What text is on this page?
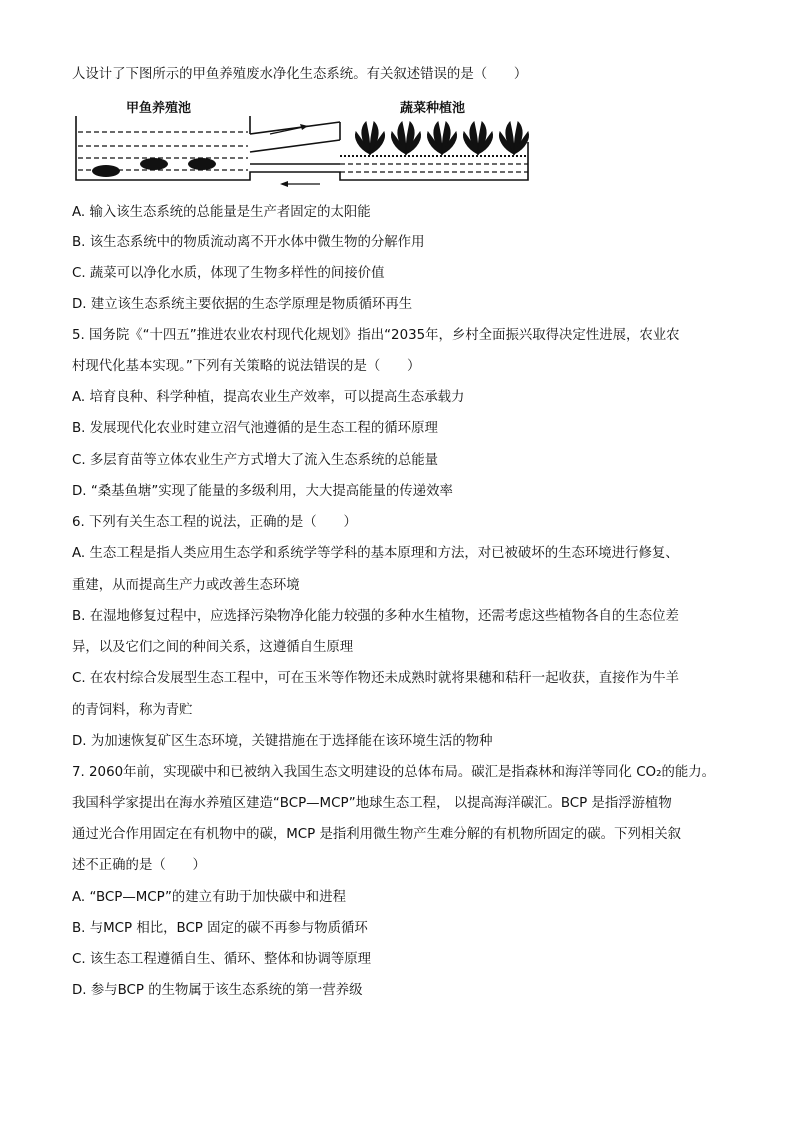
人设计了下图所示的甲鱼养殖废水净化生态系统。有关叙述错误的是（　　）
甲鱼养殖池	蔬菜种植池
A. 输入该生态系统的总能量是生产者固定的太阳能
B. 该生态系统中的物质流动离不开水体中微生物的分解作用
C. 蔬菜可以净化水质，体现了生物多样性的间接价值
D. 建立该生态系统主要依据的生态学原理是物质循环再生
5. 国务院《“十四五”推进农业农村现代化规划》指出“2035年，乡村全面振兴取得决定性进展，农业农
村现代化基本实现。”下列有关策略的说法错误的是（　　）
A. 培育良种、科学种植，提高农业生产效率，可以提高生态承载力
B. 发展现代化农业时建立沼气池遵循的是生态工程的循环原理
C. 多层育苗等立体农业生产方式增大了流入生态系统的总能量
D. “桑基鱼塘”实现了能量的多级利用，大大提高能量的传递效率
6. 下列有关生态工程的说法，正确的是（　　）
A. 生态工程是指人类应用生态学和系统学等学科的基本原理和方法，对已被破坏的生态环境进行修复、
重建，从而提高生产力或改善生态环境
B. 在湿地修复过程中，应选择污染物净化能力较强的多种水生植物，还需考虑这些植物各自的生态位差
异，以及它们之间的种间关系，这遵循自生原理
C. 在农村综合发展型生态工程中，可在玉米等作物还未成熟时就将果穗和秸秆一起收获，直接作为牛羊
的青饲料，称为青贮
D. 为加速恢复矿区生态环境，关键措施在于选择能在该环境生活的物种
7. 2060年前，实现碳中和已被纳入我国生态文明建设的总体布局。碳汇是指森林和海洋等同化 CO₂的能力。
我国科学家提出在海水养殖区建造“BCP—MCP”地球生态工程， 以提高海洋碳汇。BCP 是指浮游植物
通过光合作用固定在有机物中的碳，MCP 是指利用微生物产生难分解的有机物所固定的碳。下列相关叙
述不正确的是（　　）
A. “BCP—MCP”的建立有助于加快碳中和进程
B. 与MCP 相比，BCP 固定的碳不再参与物质循环
C. 该生态工程遵循自生、循环、整体和协调等原理
D. 参与BCP 的生物属于该生态系统的第一营养级
